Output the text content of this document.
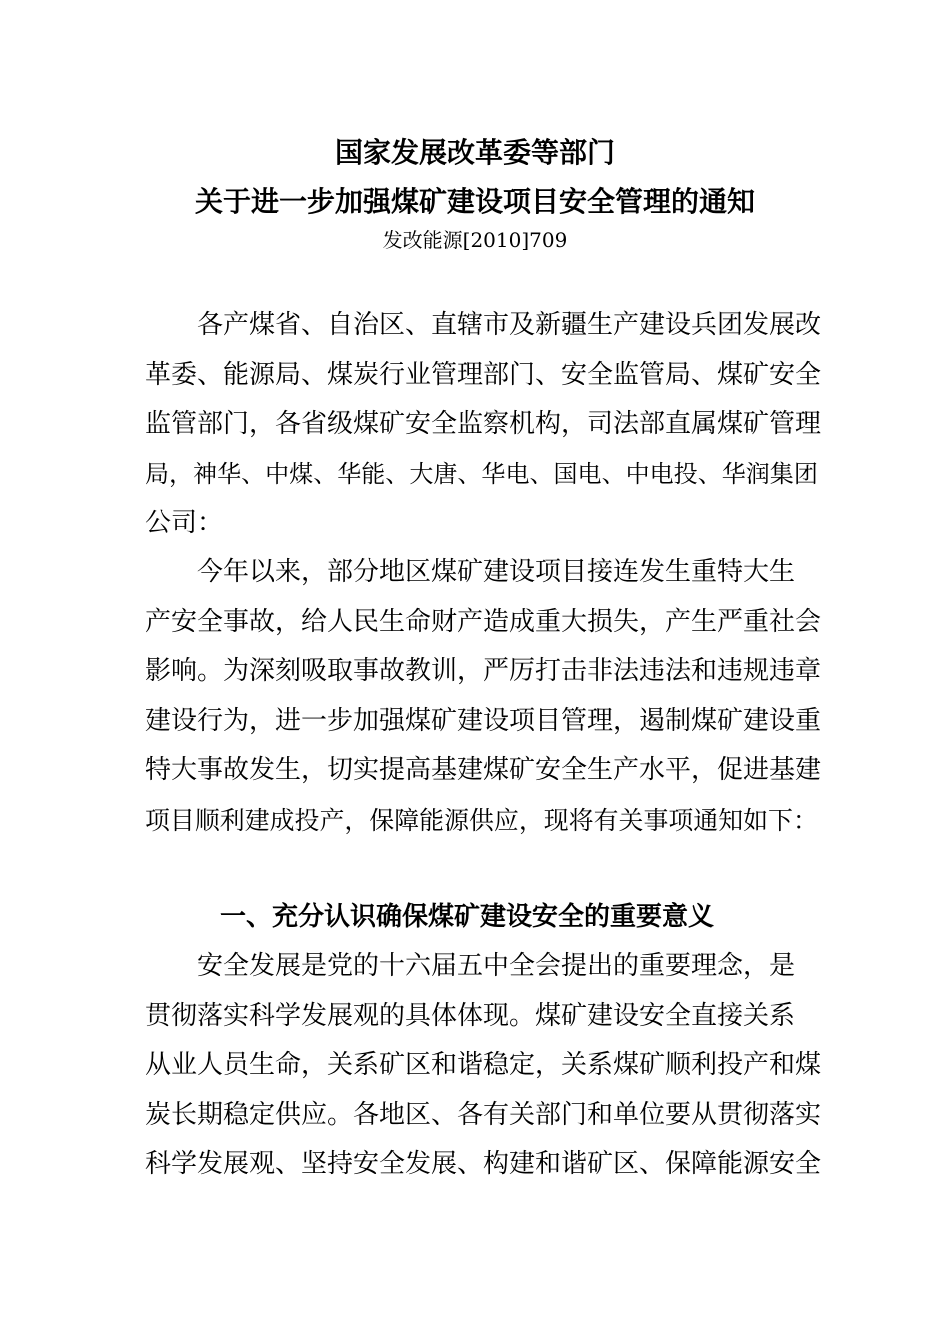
国家发展改革委等部门
关于进一步加强煤矿建设项目安全管理的通知
发改能源[2010]709
各产煤省、自治区、直辖市及新疆生产建设兵团发展改
革委、能源局、煤炭行业管理部门、安全监管局、煤矿安全
监管部门，各省级煤矿安全监察机构，司法部直属煤矿管理
局，神华、中煤、华能、大唐、华电、国电、中电投、华润集团
公司：
今年以来，部分地区煤矿建设项目接连发生重特大生
产安全事故，给人民生命财产造成重大损失，产生严重社会
影响。为深刻吸取事故教训，严厉打击非法违法和违规违章
建设行为，进一步加强煤矿建设项目管理，遏制煤矿建设重
特大事故发生，切实提高基建煤矿安全生产水平，促进基建
项目顺利建成投产，保障能源供应，现将有关事项通知如下：
一、充分认识确保煤矿建设安全的重要意义
安全发展是党的十六届五中全会提出的重要理念，是
贯彻落实科学发展观的具体体现。煤矿建设安全直接关系
从业人员生命，关系矿区和谐稳定，关系煤矿顺利投产和煤
炭长期稳定供应。各地区、各有关部门和单位要从贯彻落实
科学发展观、坚持安全发展、构建和谐矿区、保障能源安全
